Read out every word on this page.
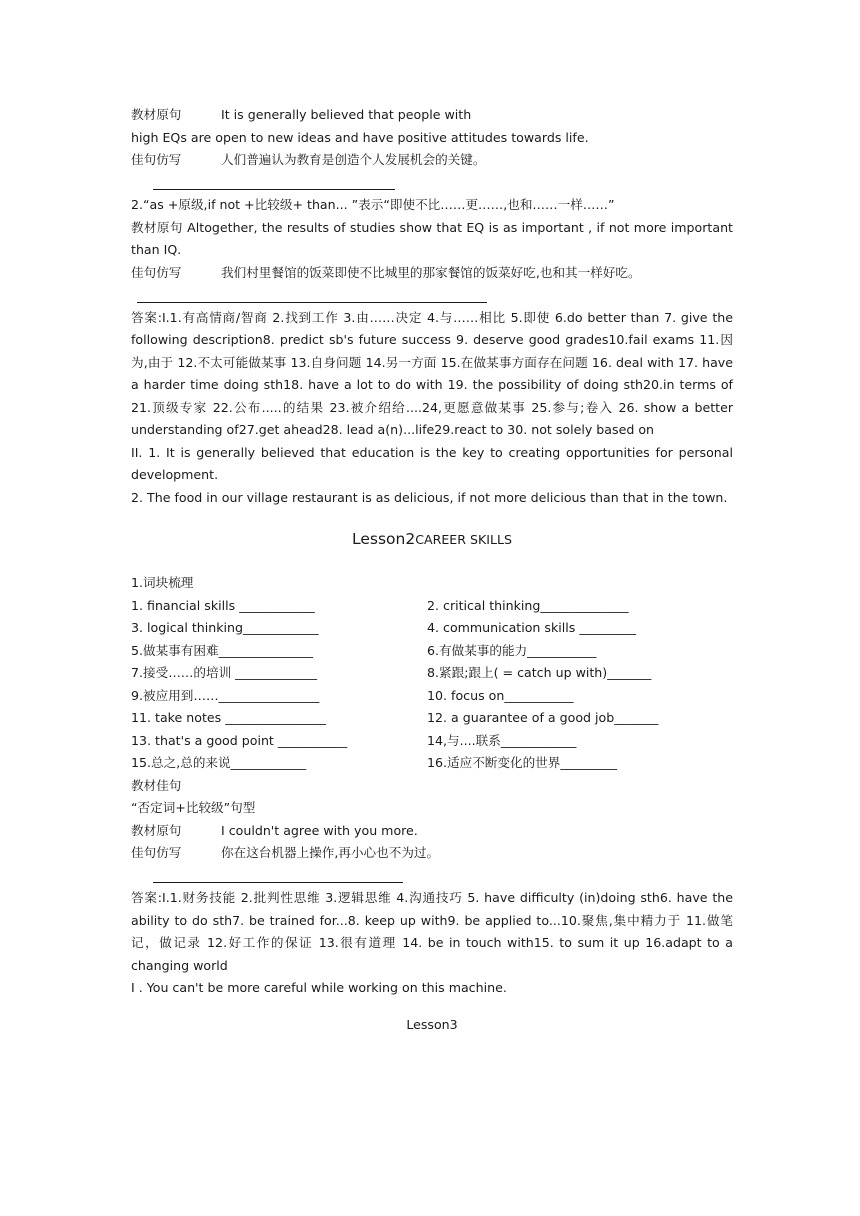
教材原句	It is generally believed that people with
high EQs are open to new ideas and have positive attitudes towards life.
佳句仿写	人们普遍认为教育是创造个人发展机会的关键。
2.“as +原级,if not +比较级+ than... ”表示“即使不比……更……,也和……一样……”
教材原句 Altogether, the results of studies show that EQ is as important , if not more important than IQ.
佳句仿写	我们村里餐馆的饭菜即使不比城里的那家餐馆的饭菜好吃,也和其一样好吃。
答案:I.1.有高情商/智商 2.找到工作 3.由……决定 4.与……相比 5.即使 6.do better than 7. give the following description8. predict sb's future success 9. deserve good grades10.fail exams 11.因为,由于 12.不太可能做某事 13.自身问题 14.另一方面 15.在做某事方面存在问题 16. deal with 17. have a harder time doing sth18. have a lot to do with 19. the possibility of doing sth20.in terms of 21.顶级专家 22.公布.....的结果 23.被介绍给....24,更愿意做某事 25.参与;卷入 26. show a better understanding of27.get ahead28. lead a(n)...life29.react to 30. not solely based on
II. 1. It is generally believed that education is the key to creating opportunities for personal development.
2. The food in our village restaurant is as delicious, if not more delicious than that in the town.
Lesson2CAREER SKILLS
1.词块梳理
1. financial skills ____________	2. critical thinking______________
3. logical thinking____________	4. communication skills _________
5.做某事有困难_______________	6.有做某事的能力___________
7.接受……的培训 _____________	8.紧跟;跟上( = catch up with)_______
9.被应用到……________________	10. focus on___________
11. take notes ________________	12. a guarantee of a good job_______
13. that's a good point ___________	14,与....联系____________
15.总之,总的来说____________	16.适应不断变化的世界_________
教材佳句
“否定词+比较级”句型
教材原句	I couldn't agree with you more.
佳句仿写	你在这台机器上操作,再小心也不为过。
答案:I.1.财务技能 2.批判性思维 3.逻辑思维 4.沟通技巧 5. have difficulty (in)doing sth6. have the ability to do sth7. be trained for...8. keep up with9. be applied to...10.聚焦,集中精力于 11.做笔记，做记录 12.好工作的保证 13.很有道理 14. be in touch with15. to sum it up 16.adapt to a changing world
I . You can't be more careful while working on this machine.
Lesson3
